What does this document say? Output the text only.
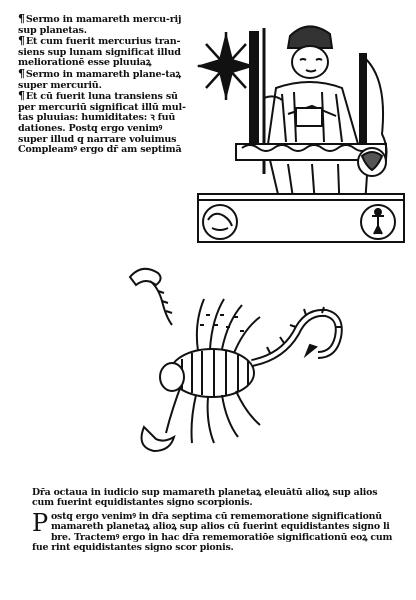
¶Sermo in mamareth mercu-rij sup planetas.

¶Et cum fuerit mercurius tran-siens sup lunam significat illud meliorationē esse pluuiaꝝ

¶Sermo in mamareth plane-taꝝ super mercuriū.

¶Et cū fuerit luna transiens sū per mercuriū significat illū mul-tas pluuias: humiditates: ꝛ fuū dationes. Postq ergo venimꝰ super illud q narrare voluimus Compleamꝰ ergo dr̄ am septimā

Dr̄a octaua in iudicio sup mamareth planetaꝝ eleuātū alioꝝ sup alios cum fuerint equidistantes signo scorpionis.

Postq ergo venimꝰ in dr̄a septima cū rememoratione significationū mamareth planetaꝝ alioꝝ sup alios cū fuerint equidistantes signo li bre. Tractemꝰ ergo in hac dr̄a rememoratiōe significationū eoꝝ cum fue rint equidistantes signo scor pionis.
